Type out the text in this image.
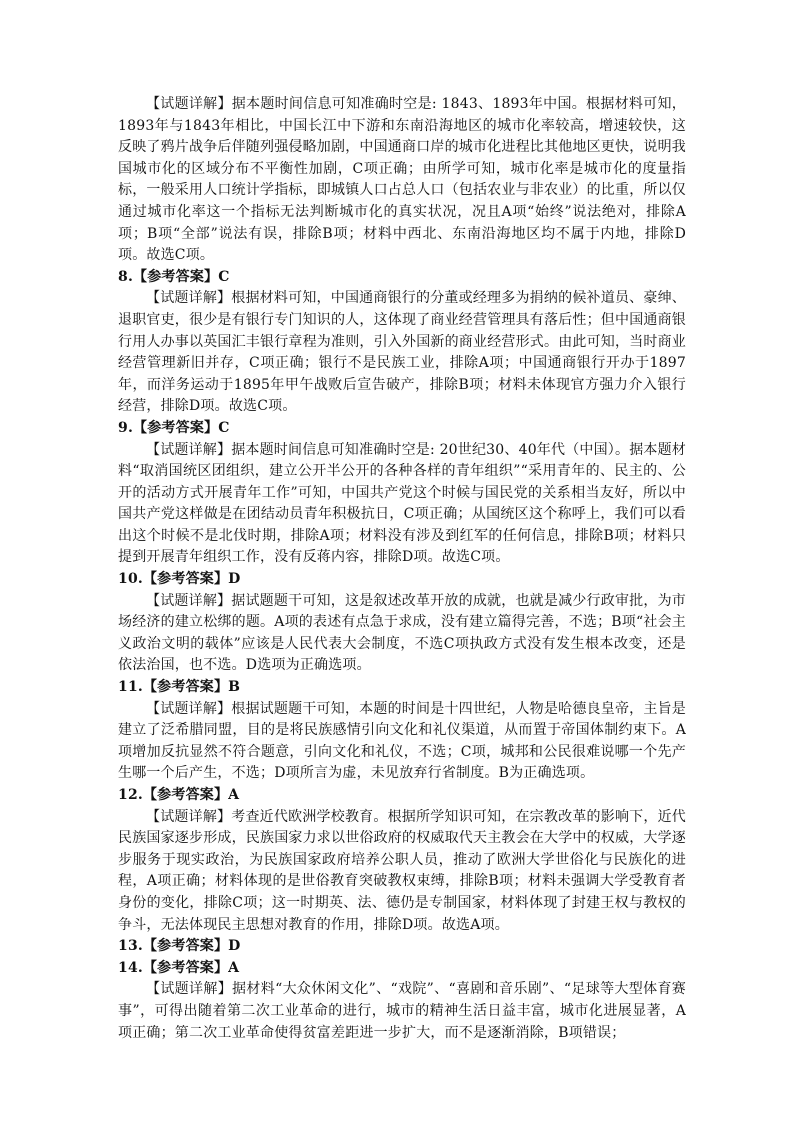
【试题详解】据本题时间信息可知准确时空是: 1843、1893年中国。根据材料可知，1893年与1843年相比，中国长江中下游和东南沿海地区的城市化率较高，增速较快，这反映了鸦片战争后伴随列强侵略加剧，中国通商口岸的城市化进程比其他地区更快，说明我国城市化的区域分布不平衡性加剧，C项正确；由所学可知，城市化率是城市化的度量指标，一般采用人口统计学指标，即城镇人口占总人口（包括农业与非农业）的比重，所以仅通过城市化率这一个指标无法判断城市化的真实状况，况且A项“始终”说法绝对，排除A项；B项“全部”说法有误，排除B项；材料中西北、东南沿海地区均不属于内地，排除D项。故选C项。

8.【参考答案】C

【试题详解】根据材料可知，中国通商银行的分董或经理多为捐纳的候补道员、豪绅、退职官吏，很少是有银行专门知识的人，这体现了商业经营管理具有落后性；但中国通商银行用人办事以英国汇丰银行章程为准则，引入外国新的商业经营形式。由此可知，当时商业经营管理新旧并存，C项正确；银行不是民族工业，排除A项；中国通商银行开办于1897年，而洋务运动于1895年甲午战败后宣告破产，排除B项；材料未体现官方强力介入银行经营，排除D项。故选C项。

9.【参考答案】C

【试题详解】据本题时间信息可知准确时空是: 20世纪30、40年代（中国）。据本题材料“取消国统区团组织，建立公开半公开的各种各样的青年组织”“采用青年的、民主的、公开的活动方式开展青年工作”可知，中国共产党这个时候与国民党的关系相当友好，所以中国共产党这样做是在团结动员青年积极抗日，C项正确；从国统区这个称呼上，我们可以看出这个时候不是北伐时期，排除A项；材料没有涉及到红军的任何信息，排除B项；材料只提到开展青年组织工作，没有反蒋内容，排除D项。故选C项。

10.【参考答案】D

【试题详解】据试题题干可知，这是叙述改革开放的成就，也就是减少行政审批，为市场经济的建立松绑的题。A项的表述有点急于求成，没有建立篇得完善，不选；B项“社会主义政治文明的载体”应该是人民代表大会制度，不选C项执政方式没有发生根本改变，还是依法治国，也不选。D选项为正确选项。

11.【参考答案】B

【试题详解】根据试题题干可知，本题的时间是十四世纪，人物是哈德良皇帝，主旨是建立了泛希腊同盟，目的是将民族感情引向文化和礼仪渠道，从而置于帝国体制约束下。A项增加反抗显然不符合题意，引向文化和礼仪，不选；C项，城邦和公民很难说哪一个先产生哪一个后产生，不选；D项所言为虚，未见放弃行省制度。B为正确选项。

12.【参考答案】A

【试题详解】考查近代欧洲学校教育。根据所学知识可知，在宗教改革的影响下，近代民族国家逐步形成，民族国家力求以世俗政府的权威取代天主教会在大学中的权威，大学逐步服务于现实政治，为民族国家政府培养公职人员，推动了欧洲大学世俗化与民族化的进程，A项正确；材料体现的是世俗教育突破教权束缚，排除B项；材料未强调大学受教育者身份的变化，排除C项；这一时期英、法、德仍是专制国家，材料体现了封建王权与教权的争斗，无法体现民主思想对教育的作用，排除D项。故选A项。

13.【参考答案】D

14.【参考答案】A

【试题详解】据材料“大众休闲文化”、“戏院”、“喜剧和音乐剧”、“足球等大型体育赛事”，可得出随着第二次工业革命的进行，城市的精神生活日益丰富，城市化进展显著，A项正确；第二次工业革命使得贫富差距进一步扩大，而不是逐渐消除，B项错误；
